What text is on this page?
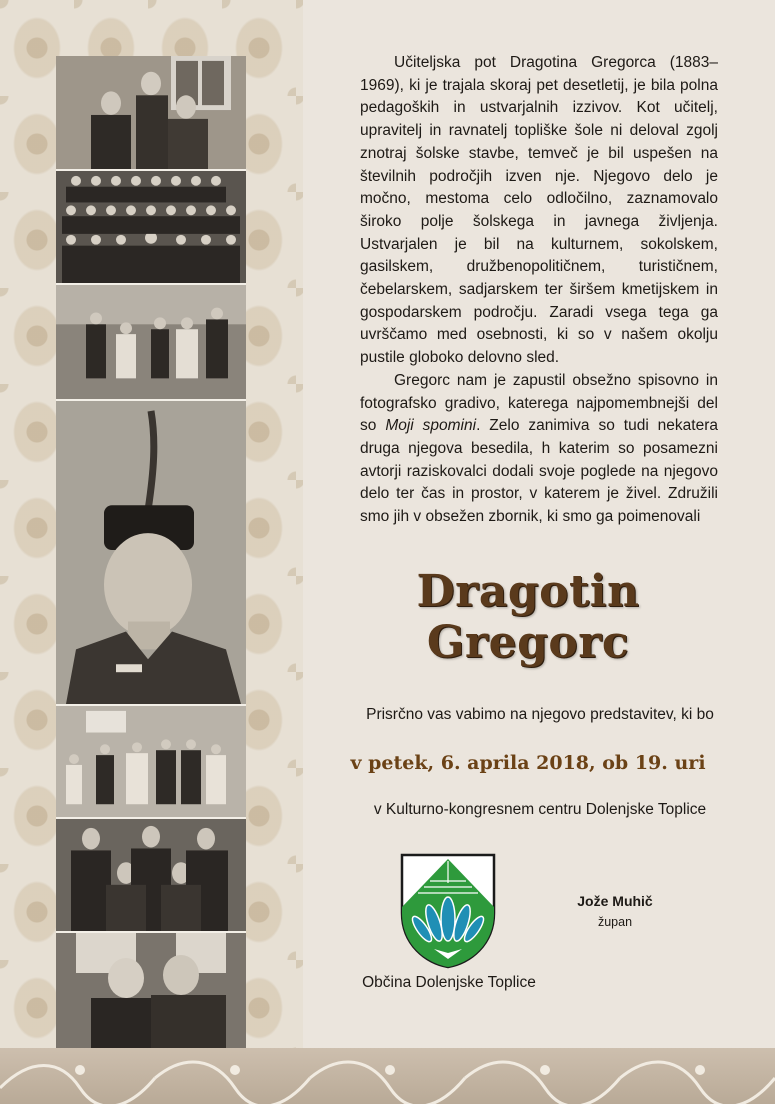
Učiteljska pot Dragotina Gregorca (1883–1969), ki je trajala skoraj pet desetletij, je bila polna pedagoških in ustvarjalnih izzivov. Kot učitelj, upravitelj in ravnatelj topliške šole ni deloval zgolj znotraj šolske stavbe, temveč je bil uspešen na številnih področjih izven nje. Njegovo delo je močno, mestoma celo odločilno, zaznamovalo široko polje šolskega in javnega življenja. Ustvarjalen je bil na kulturnem, sokolskem, gasilskem, družbenopolitičnem, turističnem, čebelarskem, sadjarskem ter širšem kmetijskem in gospodarskem področju. Zaradi vsega tega ga uvrščamo med osebnosti, ki so v našem okolju pustile globoko delovno sled.

Gregorc nam je zapustil obsežno spisovno in fotografsko gradivo, katerega najpomembnejši del so Moji spomini. Zelo zanimiva so tudi nekatera druga njegova besedila, h katerim so posamezni avtorji raziskovalci dodali svoje poglede na njegovo delo ter čas in prostor, v katerem je živel. Združili smo jih v obsežen zbornik, ki smo ga poimenovali

Dragotin Gregorc
Prisrčno vas vabimo na njegovo predstavitev, ki bo
v petek, 6. aprila 2018, ob 19. uri
v Kulturno-kongresnem centru Dolenjske Toplice
Jože Muhič
župan
Občina Dolenjske Toplice
